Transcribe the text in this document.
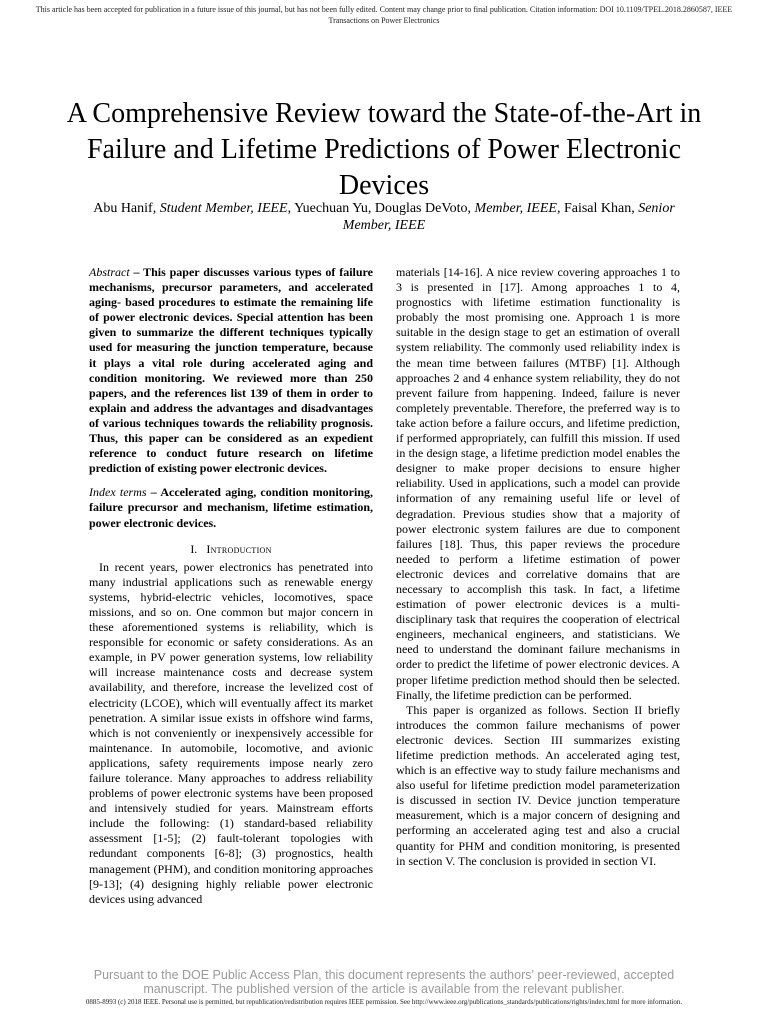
This article has been accepted for publication in a future issue of this journal, but has not been fully edited. Content may change prior to final publication. Citation information: DOI 10.1109/TPEL.2018.2860587, IEEE
Transactions on Power Electronics
A Comprehensive Review toward the State-of-the-Art in Failure and Lifetime Predictions of Power Electronic Devices
Abu Hanif, Student Member, IEEE, Yuechuan Yu, Douglas DeVoto, Member, IEEE, Faisal Khan, Senior Member, IEEE

Abstract – This paper discusses various types of failure mechanisms, precursor parameters, and accelerated aging- based procedures to estimate the remaining life of power electronic devices. Special attention has been given to summarize the different techniques typically used for measuring the junction temperature, because it plays a vital role during accelerated aging and condition monitoring. We reviewed more than 250 papers, and the references list 139 of them in order to explain and address the advantages and disadvantages of various techniques towards the reliability prognosis. Thus, this paper can be considered as an expedient reference to conduct future research on lifetime prediction of existing power electronic devices.

Index terms – Accelerated aging, condition monitoring, failure precursor and mechanism, lifetime estimation, power electronic devices.

I. Introduction

In recent years, power electronics has penetrated into many industrial applications such as renewable energy systems, hybrid-electric vehicles, locomotives, space missions, and so on. One common but major concern in these aforementioned systems is reliability, which is responsible for economic or safety considerations. As an example, in PV power generation systems, low reliability will increase maintenance costs and decrease system availability, and therefore, increase the levelized cost of electricity (LCOE), which will eventually affect its market penetration. A similar issue exists in offshore wind farms, which is not conveniently or inexpensively accessible for maintenance. In automobile, locomotive, and avionic applications, safety requirements impose nearly zero failure tolerance. Many approaches to address reliability problems of power electronic systems have been proposed and intensively studied for years. Mainstream efforts include the following: (1) standard-based reliability assessment [1-5]; (2) fault-tolerant topologies with redundant components [6-8]; (3) prognostics, health management (PHM), and condition monitoring approaches [9-13]; (4) designing highly reliable power electronic devices using advanced

materials [14-16]. A nice review covering approaches 1 to 3 is presented in [17]. Among approaches 1 to 4, prognostics with lifetime estimation functionality is probably the most promising one. Approach 1 is more suitable in the design stage to get an estimation of overall system reliability. The commonly used reliability index is the mean time between failures (MTBF) [1]. Although approaches 2 and 4 enhance system reliability, they do not prevent failure from happening. Indeed, failure is never completely preventable. Therefore, the preferred way is to take action before a failure occurs, and lifetime prediction, if performed appropriately, can fulfill this mission. If used in the design stage, a lifetime prediction model enables the designer to make proper decisions to ensure higher reliability. Used in applications, such a model can provide information of any remaining useful life or level of degradation. Previous studies show that a majority of power electronic system failures are due to component failures [18]. Thus, this paper reviews the procedure needed to perform a lifetime estimation of power electronic devices and correlative domains that are necessary to accomplish this task. In fact, a lifetime estimation of power electronic devices is a multi-disciplinary task that requires the cooperation of electrical engineers, mechanical engineers, and statisticians. We need to understand the dominant failure mechanisms in order to predict the lifetime of power electronic devices. A proper lifetime prediction method should then be selected. Finally, the lifetime prediction can be performed.

This paper is organized as follows. Section II briefly introduces the common failure mechanisms of power electronic devices. Section III summarizes existing lifetime prediction methods. An accelerated aging test, which is an effective way to study failure mechanisms and also useful for lifetime prediction model parameterization is discussed in section IV. Device junction temperature measurement, which is a major concern of designing and performing an accelerated aging test and also a crucial quantity for PHM and condition monitoring, is presented in section V. The conclusion is provided in section VI.

Pursuant to the DOE Public Access Plan, this document represents the authors' peer-reviewed, accepted
manuscript. The published version of the article is available from the relevant publisher.
0885-8993 (c) 2018 IEEE. Personal use is permitted, but republication/redistribution requires IEEE permission. See http://www.ieee.org/publications_standards/publications/rights/index.html for more information.
